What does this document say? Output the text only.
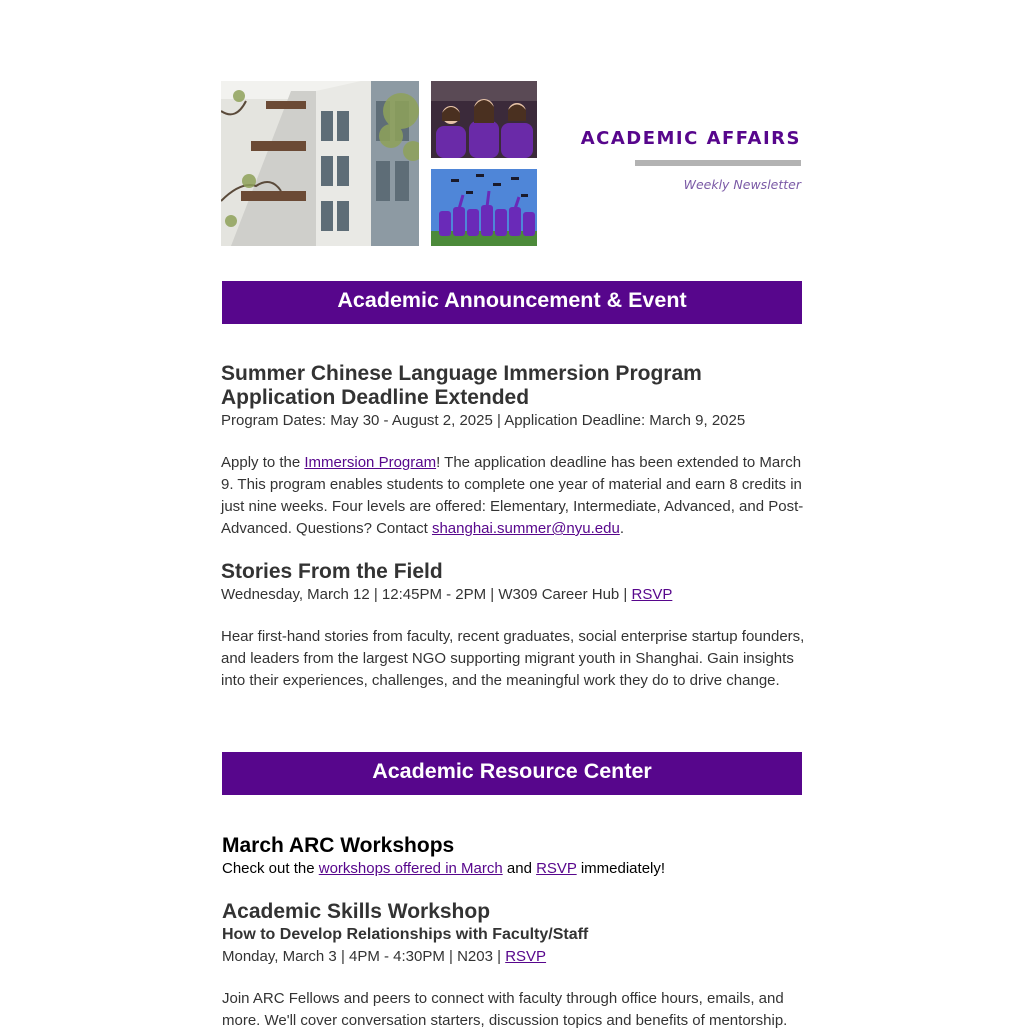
ACADEMIC AFFAIRS
Weekly Newsletter
Academic Announcement & Event
Summer Chinese Language Immersion Program Application Deadline Extended

Program Dates: May 30 - August 2, 2025 | Application Deadline: March 9, 2025

Apply to the Immersion Program! The application deadline has been extended to March 9. This program enables students to complete one year of material and earn 8 credits in just nine weeks. Four levels are offered: Elementary, Intermediate, Advanced, and Post-Advanced. Questions? Contact shanghai.summer@nyu.edu.

Stories From the Field

Wednesday, March 12 | 12:45PM - 2PM | W309 Career Hub | RSVP

Hear first-hand stories from faculty, recent graduates, social enterprise startup founders, and leaders from the largest NGO supporting migrant youth in Shanghai. Gain insights into their experiences, challenges, and the meaningful work they do to drive change.

Academic Resource Center
March ARC Workshops

Check out the workshops offered in March and RSVP immediately!

Academic Skills Workshop
How to Develop Relationships with Faculty/Staff

Monday, March 3 | 4PM - 4:30PM | N203 | RSVP

Join ARC Fellows and peers to connect with faculty through office hours, emails, and more. We'll cover conversation starters, discussion topics and benefits of mentorship.
